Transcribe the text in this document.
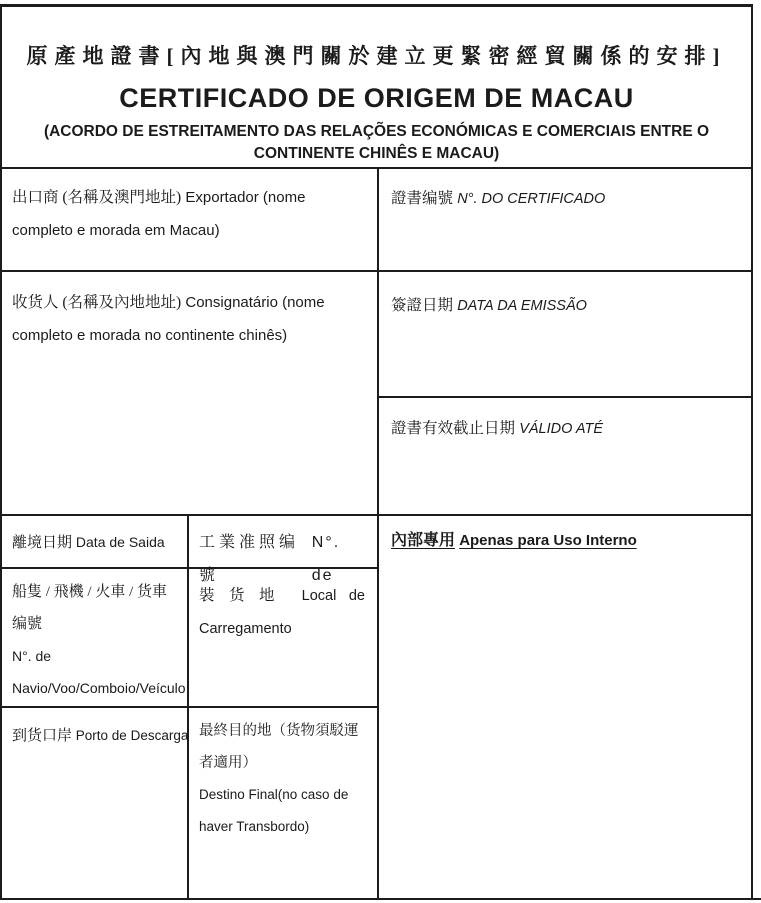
原產地證書[內地與澳門關於建立更緊密經貿關係的安排]
CERTIFICADO DE ORIGEM DE MACAU
(ACORDO DE ESTREITAMENTO DAS RELAÇÕES ECONÓMICAS E COMERCIAIS ENTRE O CONTINENTE CHINÊS E MACAU)

出口商 (名稱及澳門地址) Exportador (nome completo e morada em Macau)

證書编號 N°. DO CERTIFICADO

收货人 (名稱及內地地址) Consignatário (nome completo e morada no continente chinês)

簽證日期 DATA DA EMISSÃO

證書有效截止日期 VÁLIDO ATÉ

離境日期 Data de Saida	工業准照编號
N°. de

內部專用 Apenas para Uso Interno

船隻 / 飛機 / 火車 / 货車编號

N°. de Navio/Voo/Comboio/Veículo

裝货地 Local de Carregamento

到货口岸 Porto de Descarga 最終目的地（货物須駁運者適用）

Destino Final(no caso de haver Transbordo)
